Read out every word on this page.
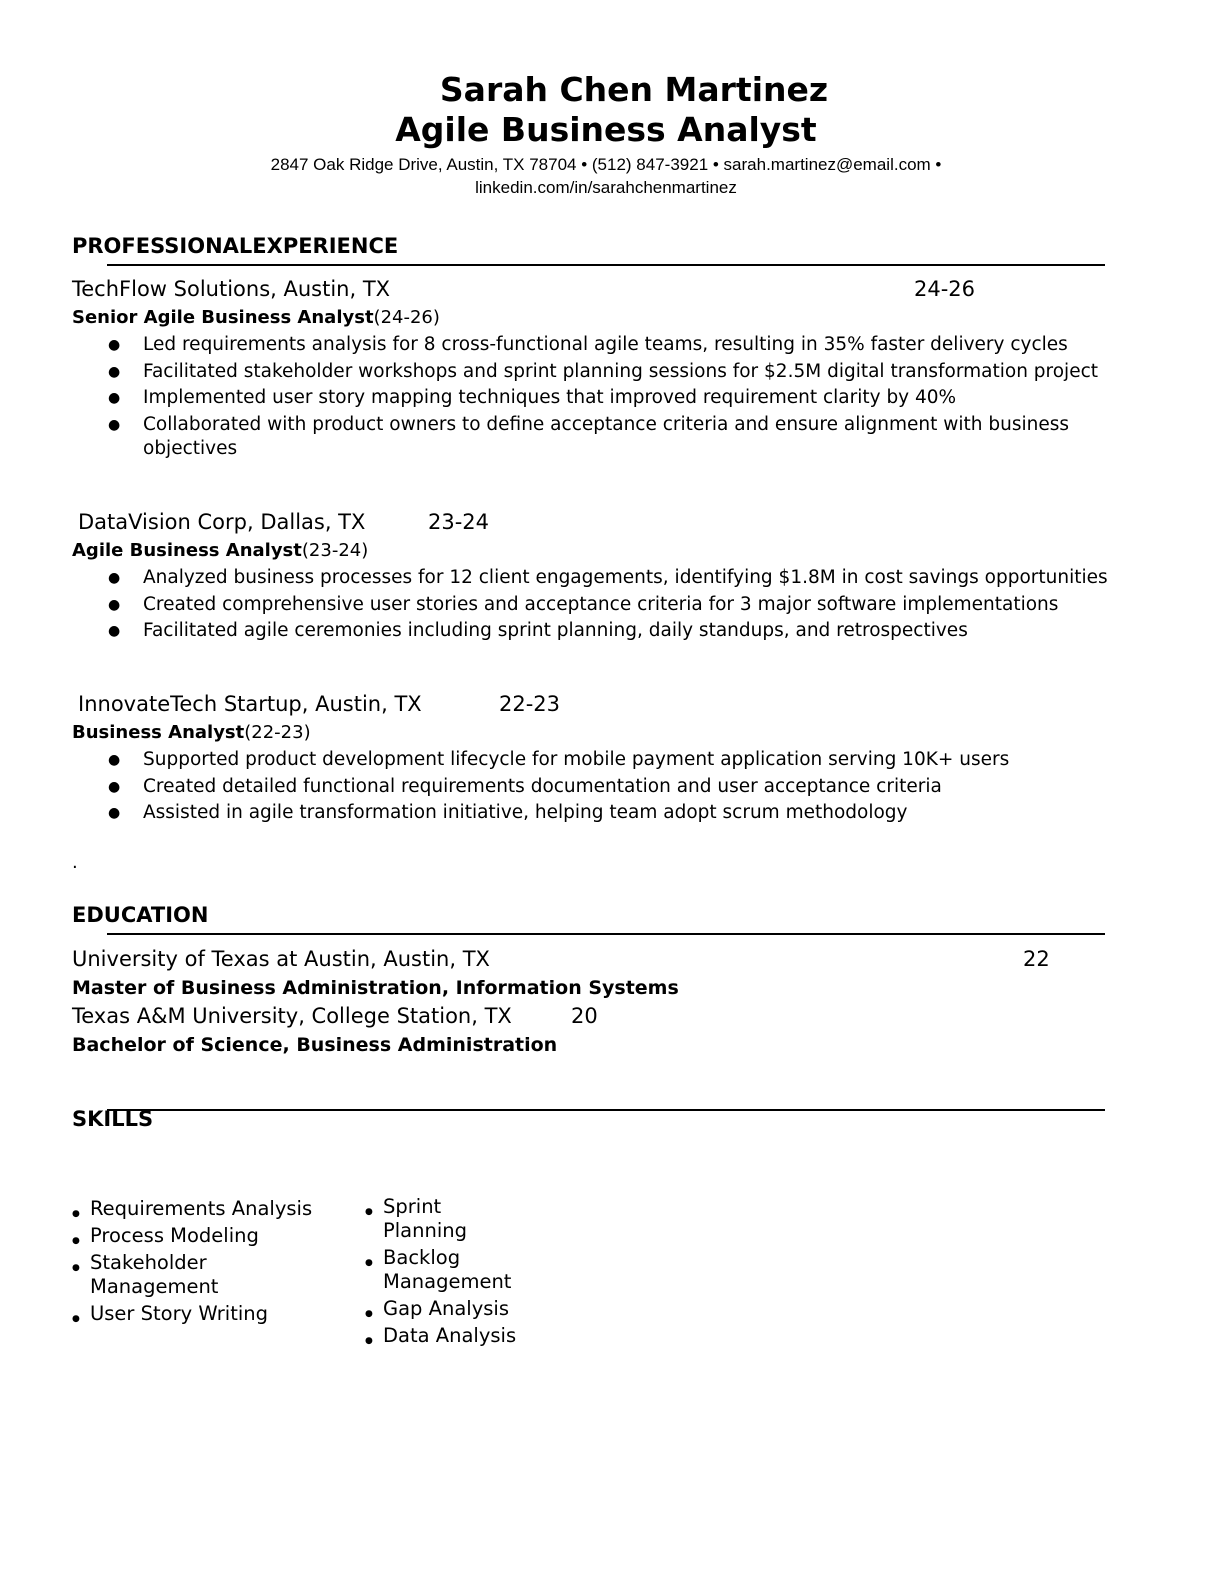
Sarah Chen Martinez
Agile Business Analyst
2847 Oak Ridge Drive, Austin, TX 78704 • (512) 847-3921 • sarah.martinez@email.com •
linkedin.com/in/sarahchenmartinez
PROFESSIONALEXPERIENCE
TechFlow Solutions, Austin, TX	24-26
Senior Agile Business Analyst(24-26)
● Led requirements analysis for 8 cross-functional agile teams, resulting in 35% faster delivery cycles
● Facilitated stakeholder workshops and sprint planning sessions for $2.5M digital transformation project
● Implemented user story mapping techniques that improved requirement clarity by 40%
● Collaborated with product owners to define acceptance criteria and ensure alignment with business objectives
DataVision Corp, Dallas, TX	23-24
Agile Business Analyst(23-24)
● Analyzed business processes for 12 client engagements, identifying $1.8M in cost savings opportunities
● Created comprehensive user stories and acceptance criteria for 3 major software implementations
● Facilitated agile ceremonies including sprint planning, daily standups, and retrospectives
InnovateTech Startup, Austin, TX	22-23
Business Analyst(22-23)
● Supported product development lifecycle for mobile payment application serving 10K+ users
● Created detailed functional requirements documentation and user acceptance criteria
● Assisted in agile transformation initiative, helping team adopt scrum methodology
.
EDUCATION
University of Texas at Austin, Austin, TX	22
Master of Business Administration, Information Systems
Texas A&M University, College Station, TX	20
Bachelor of Science, Business Administration
SKILLS
● Requirements Analysis
● Process Modeling
● Stakeholder Management
● User Story Writing
● Sprint Planning
● Backlog Management
● Gap Analysis
● Data Analysis
